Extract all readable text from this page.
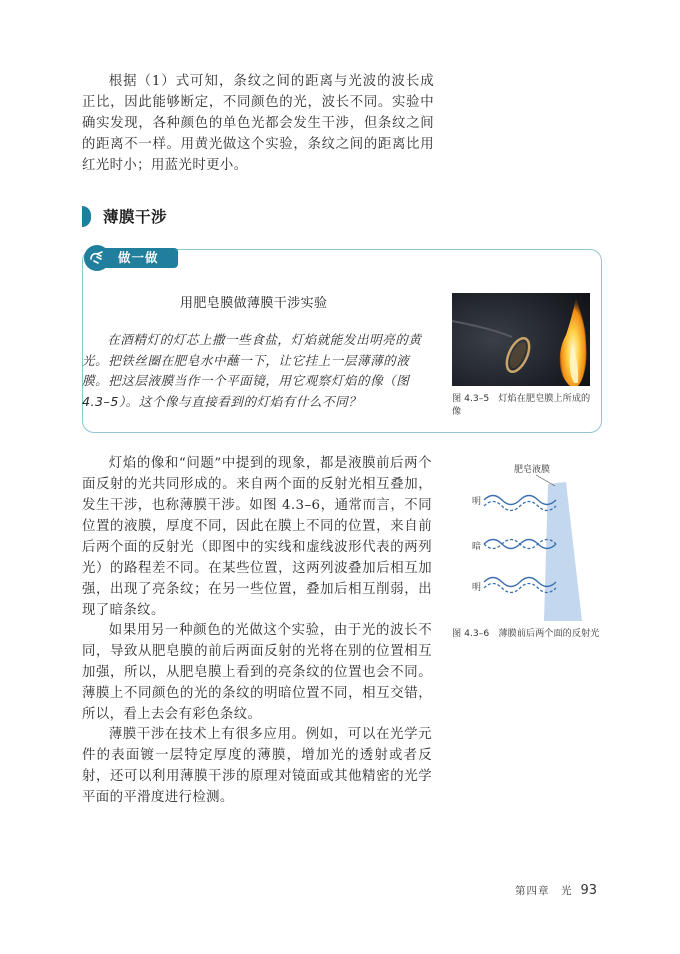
根据（1）式可知，条纹之间的距离与光波的波长成正比，因此能够断定，不同颜色的光，波长不同。实验中确实发现，各种颜色的单色光都会发生干涉，但条纹之间的距离不一样。用黄光做这个实验，条纹之间的距离比用红光时小；用蓝光时更小。

薄膜干涉
做一做
用肥皂膜做薄膜干涉实验

在酒精灯的灯芯上撒一些食盐，灯焰就能发出明亮的黄光。把铁丝圈在肥皂水中蘸一下，让它挂上一层薄薄的液膜。把这层液膜当作一个平面镜，用它观察灯焰的像（图 4.3–5）。这个像与直接看到的灯焰有什么不同？	图 4.3–5　灯焰在肥皂膜上所成的像

灯焰的像和“问题”中提到的现象，都是液膜前后两个面反射的光共同形成的。来自两个面的反射光相互叠加，发生干涉，也称薄膜干涉。如图 4.3–6，通常而言，不同位置的液膜，厚度不同，因此在膜上不同的位置，来自前后两个面的反射光（即图中的实线和虚线波形代表的两列光）的路程差不同。在某些位置，这两列波叠加后相互加强，出现了亮条纹；在另一些位置，叠加后相互削弱，出现了暗条纹。

如果用另一种颜色的光做这个实验，由于光的波长不同，导致从肥皂膜的前后两面反射的光将在别的位置相互加强，所以，从肥皂膜上看到的亮条纹的位置也会不同。薄膜上不同颜色的光的条纹的明暗位置不同，相互交错，所以，看上去会有彩色条纹。

薄膜干涉在技术上有很多应用。例如，可以在光学元件的表面镀一层特定厚度的薄膜，增加光的透射或者反射，还可以利用薄膜干涉的原理对镜面或其他精密的光学平面的平滑度进行检测。

肥皂液膜
明
暗
明
图 4.3–6　薄膜前后两个面的反射光
第四章　光 93
